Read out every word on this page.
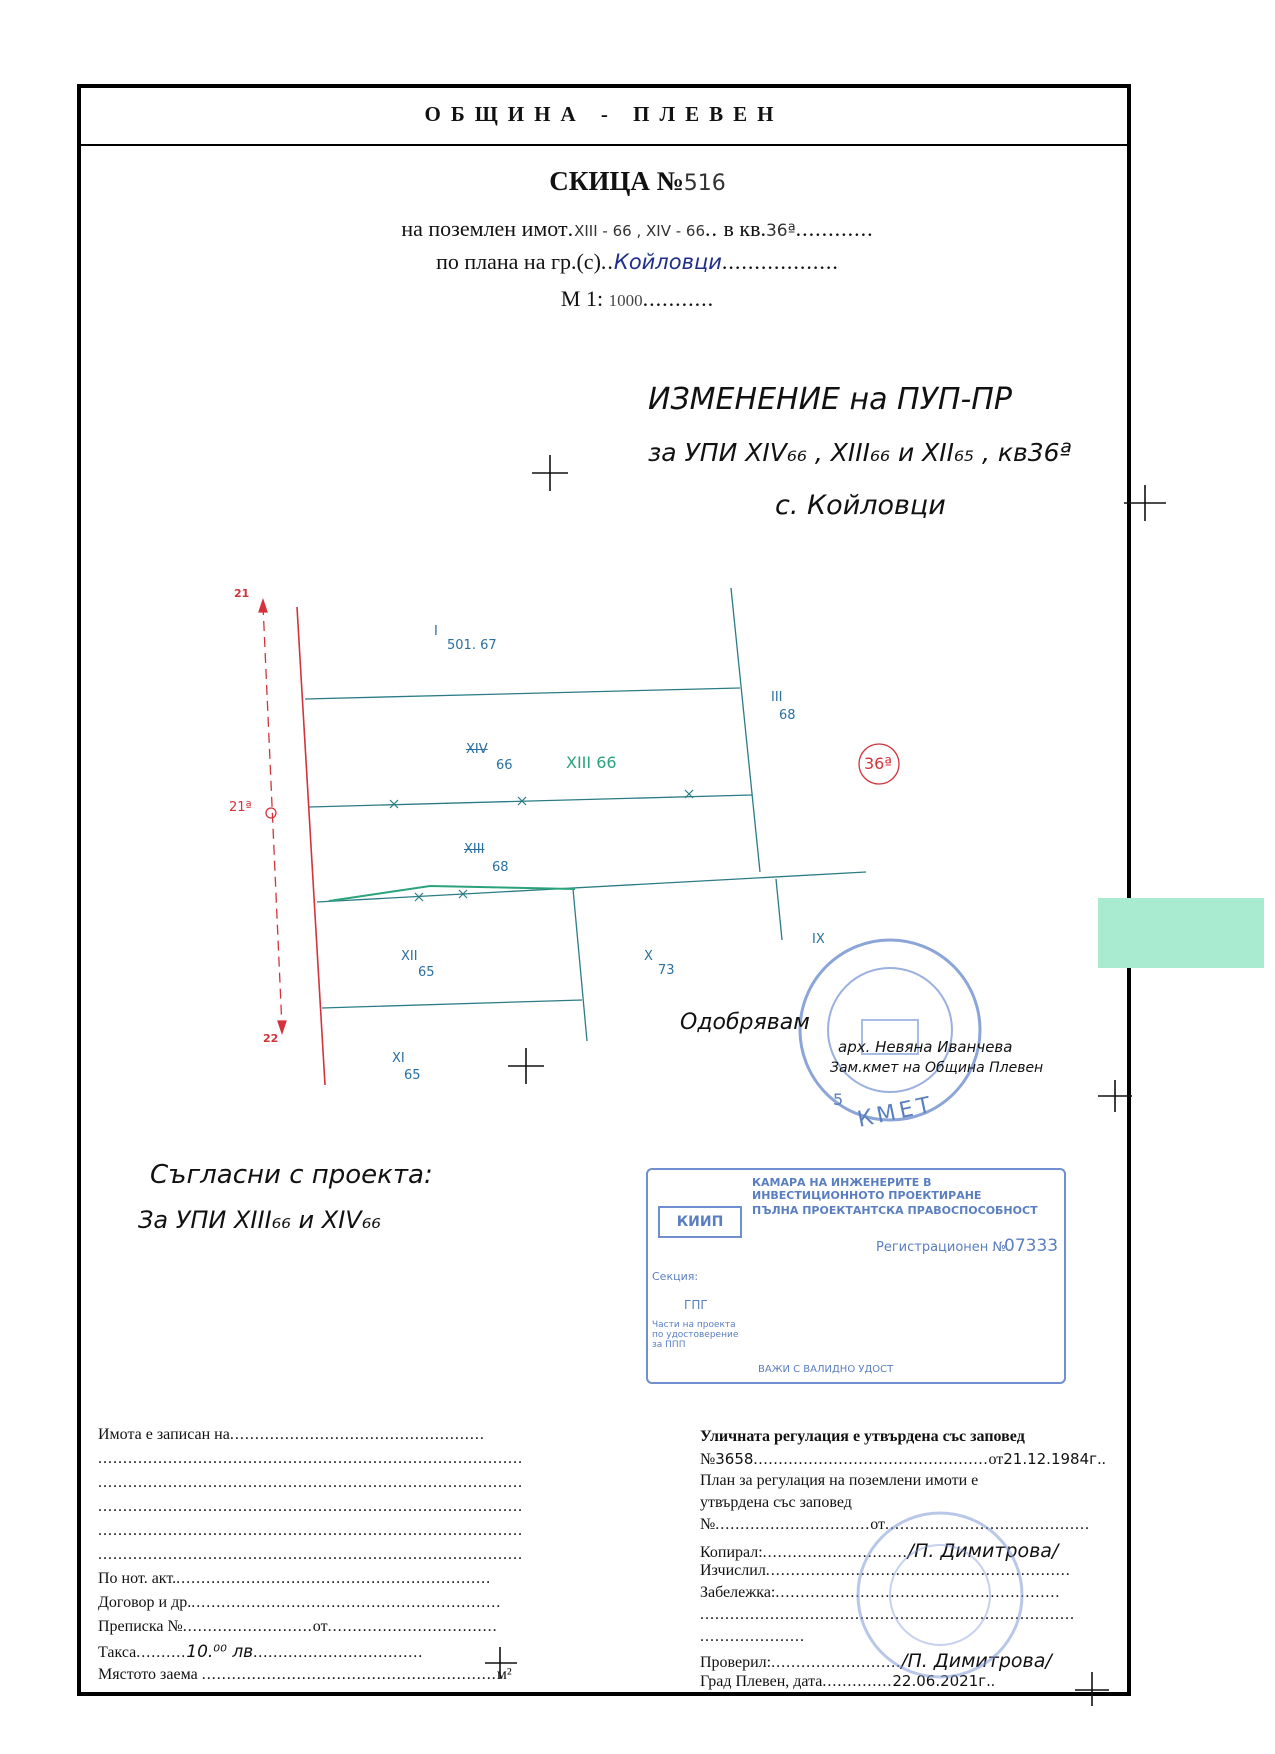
ОБЩИНА - ПЛЕВЕН
СКИЦА №516
на поземлен имот.XIII - 66 , XIV - 66.. в кв.36ª............
по плана на гр.(с)..Койловци..................
М 1: 1000...........
ИЗМЕНЕНИЕ на ПУП-ПР
за УПИ XIV₆₆ , XIII₆₆ и XII₆₅ , кв36ª
с. Койловци
21
21ª
22
I
501. 67
III
68
XIV
66	XIII 66
XIII
68
XII
65
X
73
XI
65
IX
36ª
КМЕТ
5
Одобрявам
арх. Невяна Иванчева
Зам.кмет на Община Плевен
Съгласни с проекта:
За УПИ XIII₆₆ и XIV₆₆
КАМАРА НА ИНЖЕНЕРИТЕ В ИНВЕСТИЦИОННОТО ПРОЕКТИРАНЕ
ПЪЛНА ПРОЕКТАНТСКА ПРАВОСПОСОБНОСТ
КИИП
Регистрационен №
07333
Секция:
ГПГ
Части на проекта по удостоверение за ППП
ВАЖИ С ВАЛИДНО УДОСТ
Имота е записан на...................................................
.....................................................................................
.....................................................................................
.....................................................................................
.....................................................................................
.....................................................................................
По нот. акт................................................................
Договор и др...............................................................
Преписка №..........................от..................................
Такса..........10.⁰⁰ лв..................................
Мястото заема ...........................................................м²
Уличната регулация е утвърдена със заповед
№3658...............................................от21.12.1984г..
План за регулация на поземлени имоти е
утвърдена със заповед
№...............................от.........................................
Копирал:............................./П. Димитрова/
Изчислил.............................................................
Забележка:.........................................................
...........................................................................
.....................
Проверил:........................../П. Димитрова/
Град Плевен, дата..............22.06.2021г..
